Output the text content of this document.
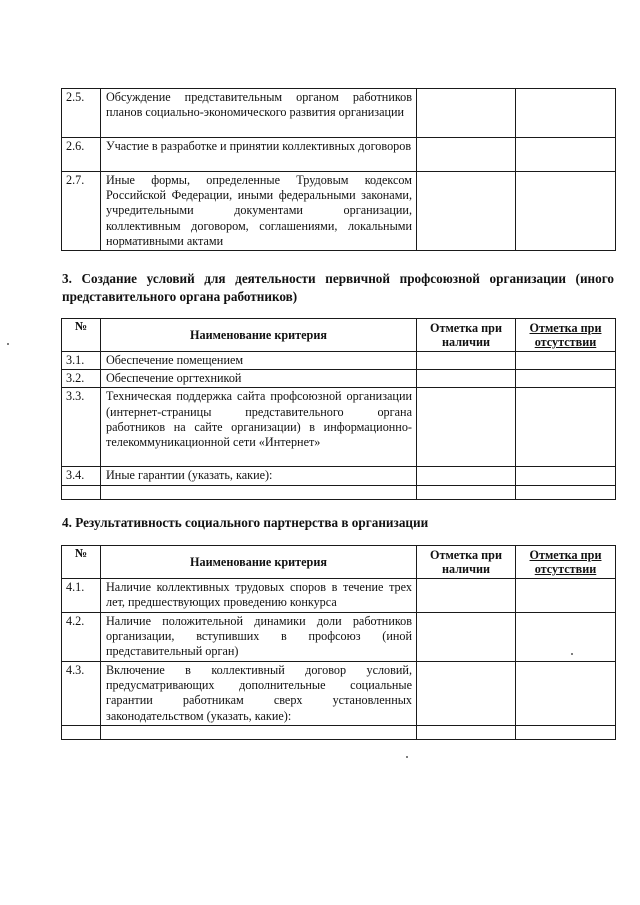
2.5.	Обсуждение представительным органом работников планов социально-экономического развития организации		
2.6.	Участие в разработке и принятии коллективных договоров		
2.7.	Иные формы, определенные Трудовым кодексом Российской Федерации, иными федеральными законами, учредительными документами организации, коллективным договором, соглашениями, локальными нормативными актами		
3. Создание условий для деятельности первичной профсоюзной организации (иного представительного органа работников)
№	Наименование критерия	Отметка при наличии	Отметка при отсутствии
3.1.	Обеспечение помещением		
3.2.	Обеспечение оргтехникой		
3.3.	Техническая поддержка сайта профсоюзной организации (интернет-страницы представительного органа работников на сайте организации) в информационно-телекоммуникационной сети «Интернет»		
3.4.	Иные гарантии (указать, какие):		

4. Результативность социального партнерства в организации
№	Наименование критерия	Отметка при наличии	Отметка при отсутствии
4.1.	Наличие коллективных трудовых споров в течение трех лет, предшествующих проведению конкурса		
4.2.	Наличие положительной динамики доли работников организации, вступивших в профсоюз (иной представительный орган)		
4.3.	Включение в коллективный договор условий, предусматривающих дополнительные социальные гарантии работникам сверх установленных законодательством (указать, какие):		
